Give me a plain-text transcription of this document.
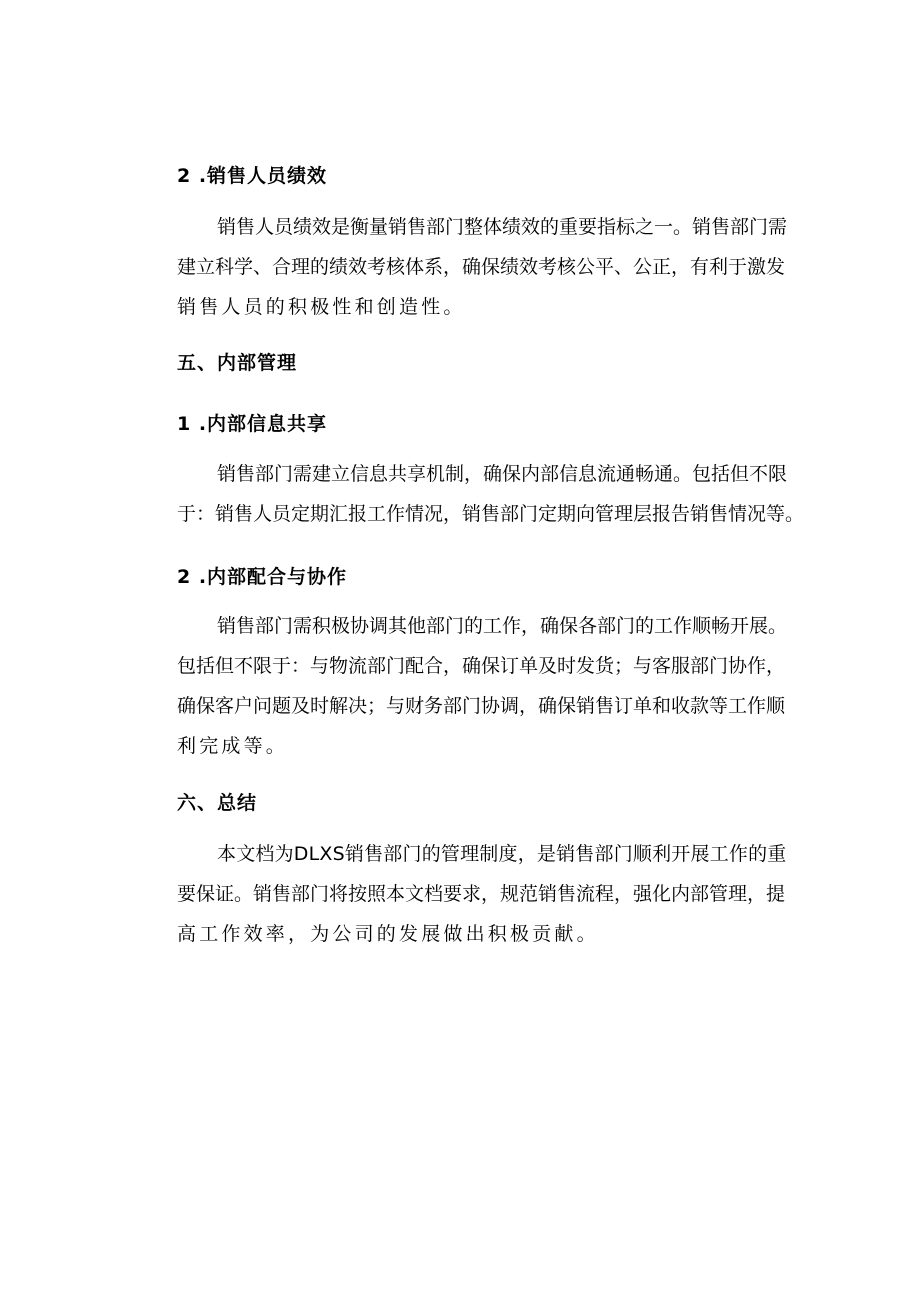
2 .销售人员绩效
销售人员绩效是衡量销售部门整体绩效的重要指标之一。销售部门需
建立科学、合理的绩效考核体系，确保绩效考核公平、公正，有利于激发
销售人员的积极性和创造性。
五、内部管理
1 .内部信息共享
销售部门需建立信息共享机制，确保内部信息流通畅通。包括但不限
于：销售人员定期汇报工作情况，销售部门定期向管理层报告销售情况等。
2 .内部配合与协作
销售部门需积极协调其他部门的工作，确保各部门的工作顺畅开展。
包括但不限于：与物流部门配合，确保订单及时发货；与客服部门协作，
确保客户问题及时解决；与财务部门协调，确保销售订单和收款等工作顺
利完成等。
六、总结
本文档为DLXS销售部门的管理制度，是销售部门顺利开展工作的重
要保证。销售部门将按照本文档要求，规范销售流程，强化内部管理，提
高工作效率，为公司的发展做出积极贡献。
